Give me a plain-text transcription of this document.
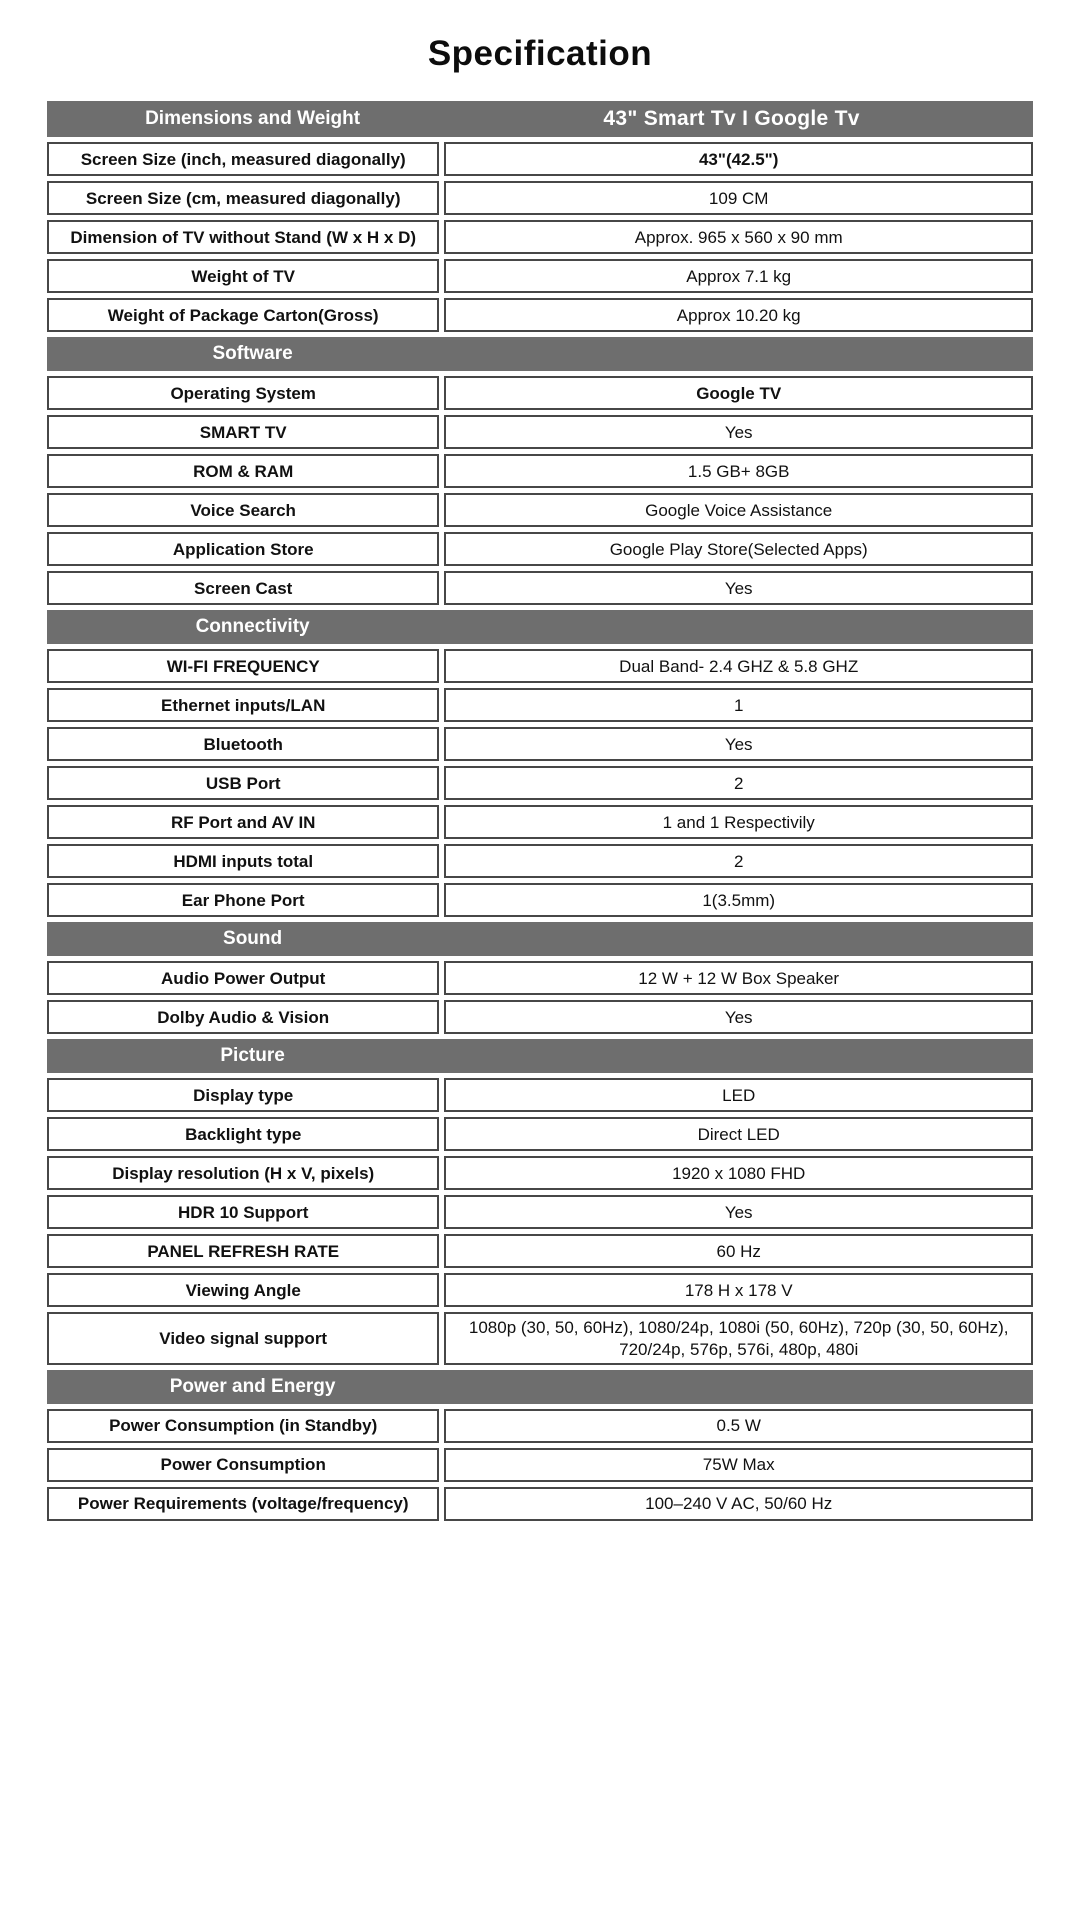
Specification
Dimensions and Weight 43" Smart Tv I Google Tv	

Screen Size (inch, measured diagonally)	43"(42.5")
Screen Size (cm, measured diagonally)	109 CM
Dimension of TV without Stand (W x H x D)	Approx. 965 x 560 x 90 mm
Weight of TV	Approx 7.1 kg
Weight of Package Carton(Gross)	Approx 10.20 kg

Software	

Operating System	Google TV
SMART TV	Yes
ROM & RAM	1.5 GB+ 8GB
Voice Search	Google Voice Assistance
Application Store	Google Play Store(Selected Apps)
Screen Cast	Yes

Connectivity	

WI-FI FREQUENCY	Dual Band- 2.4 GHZ & 5.8 GHZ
Ethernet inputs/LAN	1
Bluetooth	Yes
USB Port	2
RF Port and AV IN	1 and 1 Respectivily
HDMI inputs total	2
Ear Phone Port	1(3.5mm)

Sound	

Audio Power Output	12 W + 12 W Box Speaker
Dolby Audio & Vision	Yes

Picture	

Display type	LED
Backlight type	Direct LED
Display resolution (H x V, pixels)	1920 x 1080 FHD
HDR 10 Support	Yes
PANEL REFRESH RATE	60 Hz
Viewing Angle	178 H x 178 V
Video signal support	1080p (30, 50, 60Hz), 1080/24p, 1080i (50, 60Hz), 720p (30, 50, 60Hz), 720/24p, 576p, 576i, 480p, 480i

Power and Energy	

Power Consumption (in Standby)	0.5 W
Power Consumption	75W Max
Power Requirements (voltage/frequency)	100–240 V AC, 50/60 Hz
